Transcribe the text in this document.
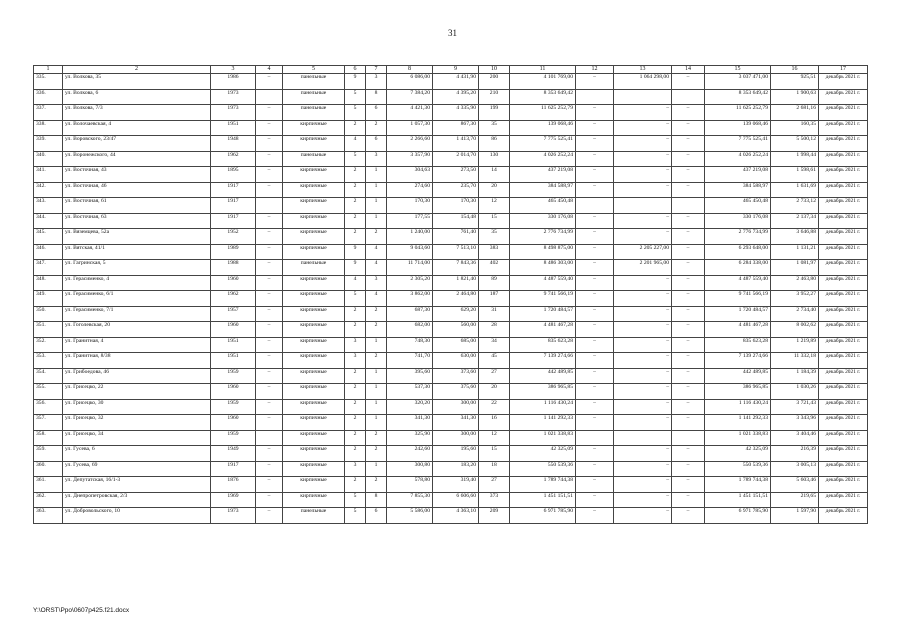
31
1	2	3	4	5	6	7	8	9	10	11	12	13	14	15	16	17
335.	ул. Волкова, 35	1986	–	панельные	9	3	6 086,00	4 431,90	200	4 101 769,00	–	1 064 298,00	–	3 037 471,00	925,51	декабрь 2021 г.
336.	ул. Волкова, 6	1973		панельные	5	8	7 384,20	4 395,20	210	8 353 649,42				8 353 649,42	1 900,63	декабрь 2021 г.
337.	ул. Волкова, 7/3	1973	–	панельные	5	6	4 421,30	4 335,90	199	11 625 252,79	–	–	–	11 625 252,79	2 681,16	декабрь 2021 г.
338.	ул. Волочаевская, 4	1951	–	кирпичные	2	2	1 057,30	867,30	35	139 068,46	–	–	–	139 068,46	160,35	декабрь 2021 г.
339.	ул. Воровского, 23/47	1948	–	кирпичные	4	6	2 266,60	1 413,70	86	7 775 525,41	–	–	–	7 775 525,41	5 500,12	декабрь 2021 г.
340.	ул. Воронежского, 44	1962	–	панельные	5	3	3 357,90	2 014,70	130	4 026 252,24	–	–	–	4 026 252,24	1 998,44	декабрь 2021 г.
341.	ул. Восточная, 43	1895	–	кирпичные	2	1	304,63	273,50	14	437 219,08	–	–	–	437 219,08	1 598,61	декабрь 2021 г.
342.	ул. Восточная, 46	1917	–	кирпичные	2	1	274,60	235,70	20	384 588,97	–	–	–	384 588,97	1 631,69	декабрь 2021 г.
343.	ул. Восточная, 61	1917		кирпичные	2	1	170,30	170,30	12	465 450,48				465 450,48	2 733,12	декабрь 2021 г.
344.	ул. Восточная, 63	1917	–	кирпичные	2	1	177,55	154,48	15	330 176,08	–	–	–	330 176,08	2 137,34	декабрь 2021 г.
345.	ул. Вяземцева, 52а	1952	–	кирпичные	2	2	1 240,00	761,40	35	2 776 734,99	–	–	–	2 776 734,99	3 646,88	декабрь 2021 г.
346.	ул. Вятская, 41/1	1989	–	кирпичные	9	4	9 043,60	7 513,10	383	8 498 875,00	–	2 205 227,00	–	6 293 648,00	1 131,21	декабрь 2021 г.
347.	ул. Гагринская, 5	1988	–	панельные	9	4	11 714,00	7 843,36	402	8 486 303,00	–	2 201 965,00	–	6 284 338,00	1 081,97	декабрь 2021 г.
348.	ул. Герасименко, 4	1960	–	кирпичные	4	3	2 305,20	1 821,40	89	4 487 559,40	–	–	–	4 487 559,40	2 463,80	декабрь 2021 г.
349.	ул. Герасименко, 6/1	1962	–	кирпичные	5	4	3 862,00	2 464,80	187	9 741 566,19	–	–	–	9 741 566,19	3 952,27	декабрь 2021 г.
350.	ул. Герасименко, 7/1	1957	–	кирпичные	2	2	687,30	629,20	31	1 720 484,57	–	–	–	1 720 484,57	2 734,40	декабрь 2021 г.
351.	ул. Гоголевская, 20	1960	–	кирпичные	2	2	682,00	560,00	28	4 481 467,28	–	–	–	4 481 467,28	8 002,62	декабрь 2021 г.
352.	ул. Гранитная, 4	1951	–	кирпичные	3	1	748,30	685,00	34	835 623,28	–	–	–	835 623,28	1 219,89	декабрь 2021 г.
353.	ул. Гранитная, 8/38	1951	–	кирпичные	3	2	741,70	630,00	45	7 139 274,66	–	–	–	7 139 274,66	11 332,18	декабрь 2021 г.
354.	ул. Грибоедова, 46	1959	–	кирпичные	2	1	395,60	373,60	27	442 489,85	–	–	–	442 489,85	1 184,39	декабрь 2021 г.
355.	ул. Грисецко, 22	1960	–	кирпичные	2	1	537,30	375,60	20	386 965,85	–	–	–	386 965,85	1 030,26	декабрь 2021 г.
356.	ул. Грисецко, 30	1959	–	кирпичные	2	1	320,20	300,00	22	1 116 430,24	–	–	–	1 116 430,24	3 721,43	декабрь 2021 г.
357.	ул. Грисецко, 32	1960	–	кирпичные	2	1	341,30	341,30	16	1 141 292,33	–	–	–	1 141 292,33	3 343,96	декабрь 2021 г.
358.	ул. Грисецко, 34	1959		кирпичные	2	2	325,90	300,00	12	1 021 338,83				1 021 338,83	3 404,46	декабрь 2021 г.
359.	ул. Гусева, 6	1949	–	кирпичные	2	2	242,60	195,60	15	42 325,09	–	–	–	42 325,09	216,39	декабрь 2021 г.
360.	ул. Гусева, 69	1917	–	кирпичные	3	1	300,80	183,20	18	550 539,36	–	–	–	550 539,36	3 005,13	декабрь 2021 г.
361.	ул. Депутатская, 16/1-3	1876	–	кирпичные	2	2	578,80	319,40	27	1 789 744,38	–	–	–	1 789 744,38	5 603,46	декабрь 2021 г.
362.	ул. Днепропетровская, 2/3	1969	–	кирпичные	5	8	7 855,30	6 606,60	373	1 451 151,51	–	–	–	1 451 151,51	219,65	декабрь 2021 г.
363.	ул. Добровольского, 10	1973	–	панельные	5	6	5 586,00	4 363,10	209	6 971 785,90	–	–	–	6 971 785,90	1 597,90	декабрь 2021 г.
Y:\ORST\Ppo\0607p425.f21.docx
